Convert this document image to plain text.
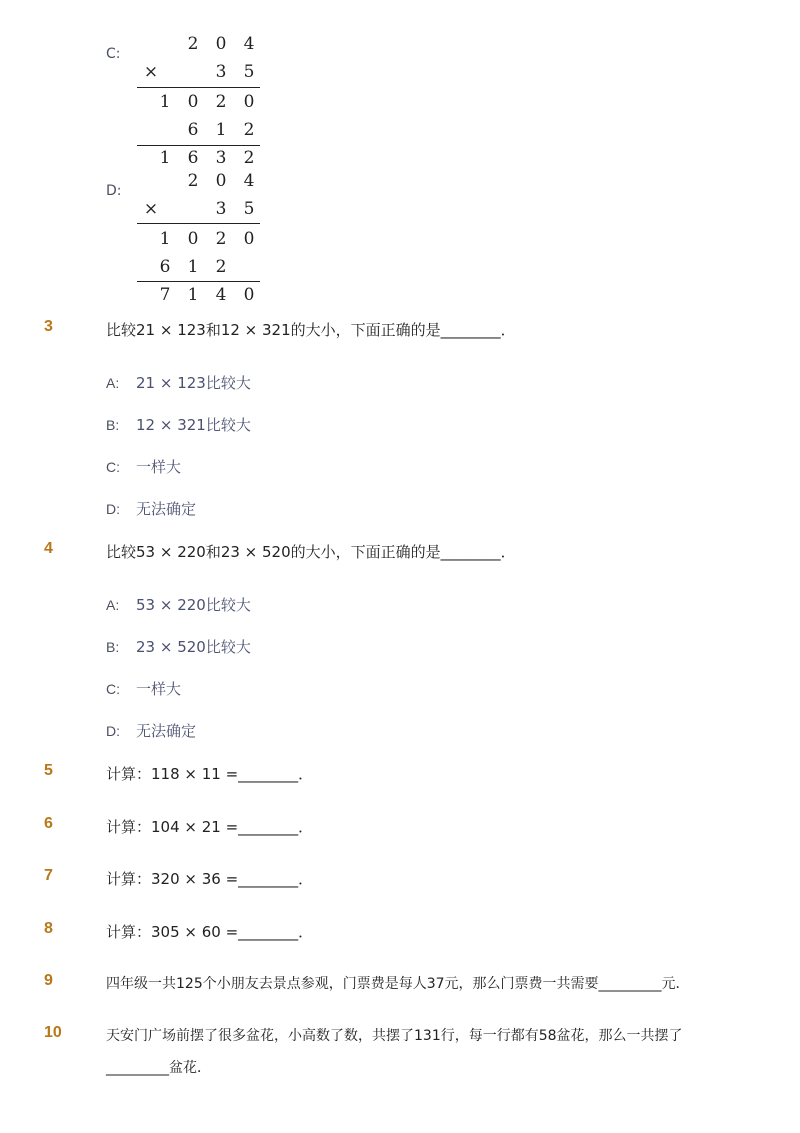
C:	2 0 4
×	3 5
1 0 2 0
6 1 2
1 6 3 2
D:	2 0 4
×	3 5
1 0 2 0
6 1 2
7 1 4 0
3	比较21 × 123和12 × 321的大小，下面正确的是________．
A: 21 × 123比较大
B: 12 × 321比较大
C: 一样大
D: 无法确定
4	比较53 × 220和23 × 520的大小，下面正确的是________．
A: 53 × 220比较大
B: 23 × 520比较大
C: 一样大
D: 无法确定
5	计算：118 × 11 =________．
6	计算：104 × 21 =________．
7	计算：320 × 36 =________．
8	计算：305 × 60 =________．
9	四年级一共125个小朋友去景点参观，门票费是每人37元，那么门票费一共需要_________元．
10	天安门广场前摆了很多盆花，小高数了数，共摆了131行，每一行都有58盆花，那么一共摆了
_________盆花．
